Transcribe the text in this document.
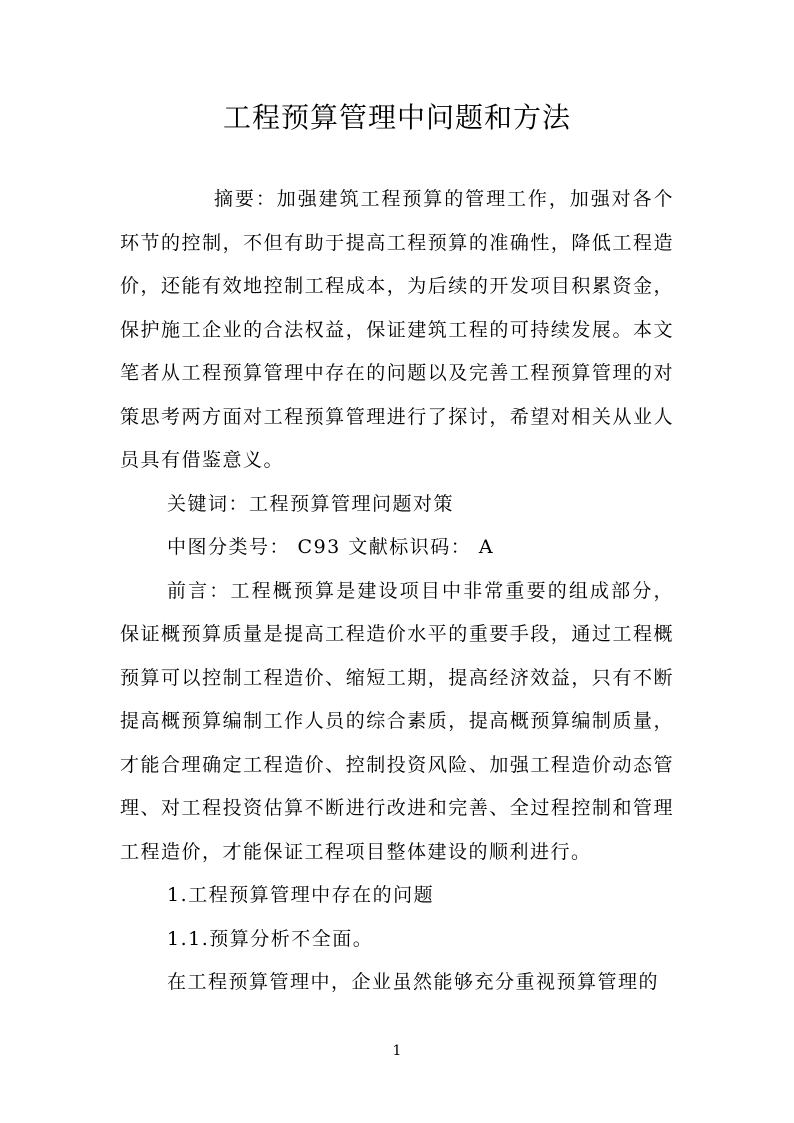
工程预算管理中问题和方法

摘要：加强建筑工程预算的管理工作，加强对各个环节的控制，不但有助于提高工程预算的准确性，降低工程造价，还能有效地控制工程成本，为后续的开发项目积累资金，保护施工企业的合法权益，保证建筑工程的可持续发展。本文笔者从工程预算管理中存在的问题以及完善工程预算管理的对策思考两方面对工程预算管理进行了探讨，希望对相关从业人员具有借鉴意义。

关键词：工程预算管理问题对策

中图分类号： C93 文献标识码： A

前言：工程概预算是建设项目中非常重要的组成部分，保证概预算质量是提高工程造价水平的重要手段，通过工程概预算可以控制工程造价、缩短工期，提高经济效益，只有不断提高概预算编制工作人员的综合素质，提高概预算编制质量，才能合理确定工程造价、控制投资风险、加强工程造价动态管理、对工程投资估算不断进行改进和完善、全过程控制和管理工程造价，才能保证工程项目整体建设的顺利进行。

1.工程预算管理中存在的问题

1.1.预算分析不全面。

在工程预算管理中，企业虽然能够充分重视预算管理的

1
